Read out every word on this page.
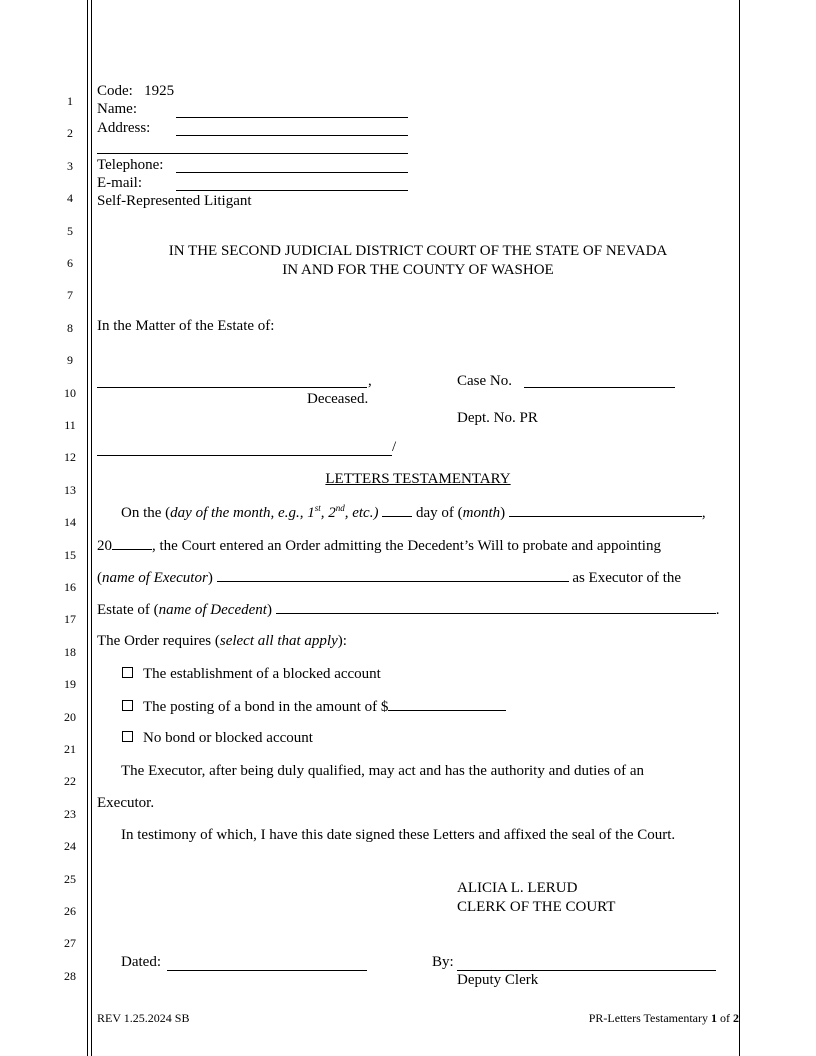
1
2
3
4
5
6
7
8
9
10
11
12
13
14
15
16
17
18
19
20
21
22
23
24
25
26
27
28
Code: 1925
Name:
Address:
Telephone:
E-mail:
Self-Represented Litigant
IN THE SECOND JUDICIAL DISTRICT COURT OF THE STATE OF NEVADA
IN AND FOR THE COUNTY OF WASHOE
In the Matter of the Estate of:
,
Deceased.
Case No.
Dept. No. PR
/
LETTERS TESTAMENTARY
On the (day of the month, e.g., 1st, 2nd, etc.)	day of (month)	,
20	, the Court entered an Order admitting the Decedent’s Will to probate and appointing
(name of Executor)	as Executor of the
Estate of (name of Decedent)	.
The Order requires (select all that apply):
The establishment of a blocked account
The posting of a bond in the amount of $
No bond or blocked account
The Executor, after being duly qualified, may act and has the authority and duties of an
Executor.
In testimony of which, I have this date signed these Letters and affixed the seal of the Court.
ALICIA L. LERUD
CLERK OF THE COURT
Dated:	By:
Deputy Clerk
REV 1.25.2024 SB	PR-Letters Testamentary 1 of 2
